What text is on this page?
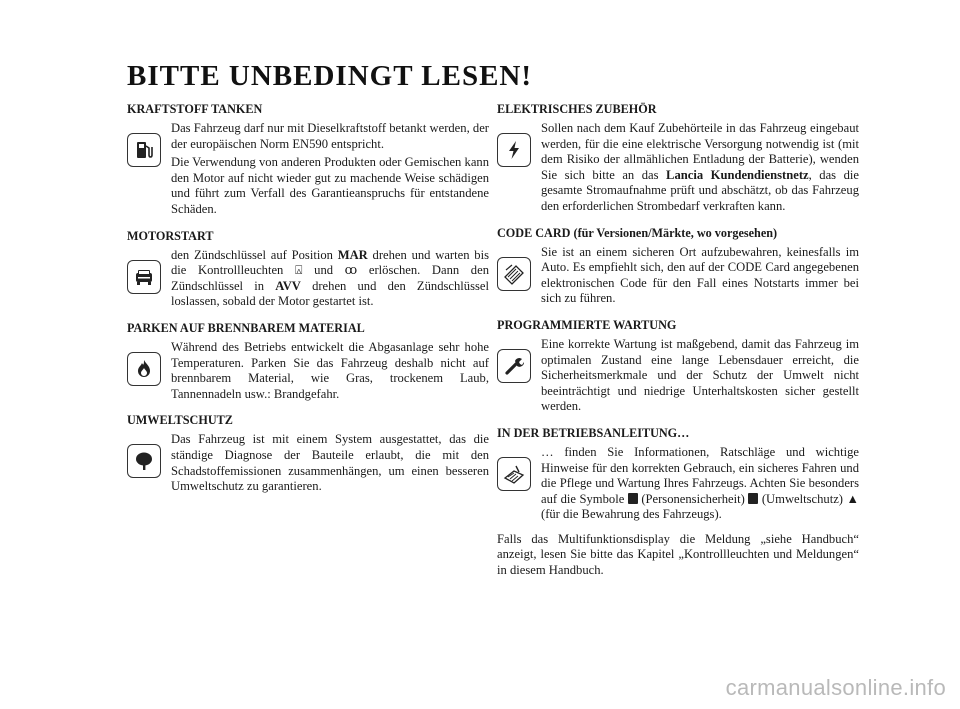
BITTE UNBEDINGT LESEN!
KRAFTSTOFF TANKEN

Das Fahrzeug darf nur mit Dieselkraftstoff betankt werden, der der europäischen Norm EN590 entspricht.

Die Verwendung von anderen Produkten oder Gemischen kann den Motor auf nicht wieder gut zu machende Weise schädigen und führt zum Verfall des Garantieanspruchs für entstandene Schäden.

MOTORSTART

den Zündschlüssel auf Position MAR drehen und warten bis die Kontrollleuchten ⍓ und ꝏ erlöschen. Dann den Zündschlüssel in AVV drehen und den Zündschlüssel loslassen, sobald der Motor gestartet ist.

PARKEN AUF BRENNBAREM MATERIAL

Während des Betriebs entwickelt die Abgasanlage sehr hohe Temperaturen. Parken Sie das Fahrzeug deshalb nicht auf brennbarem Material, wie Gras, trockenem Laub, Tannennadeln usw.: Brandgefahr.

UMWELTSCHUTZ

Das Fahrzeug ist mit einem System ausgestattet, das die ständige Diagnose der Bauteile erlaubt, die mit den Schadstoffemissionen zusammenhängen, um einen besseren Umweltschutz zu garantieren.

ELEKTRISCHES ZUBEHÖR

Sollen nach dem Kauf Zubehörteile in das Fahrzeug eingebaut werden, für die eine elektrische Versorgung notwendig ist (mit dem Risiko der allmählichen Entladung der Batterie), wenden Sie sich bitte an das Lancia Kundendienstnetz, das die gesamte Stromaufnahme prüft und abschätzt, ob das Fahrzeug den erforderlichen Strombedarf verkraften kann.

CODE CARD (für Versionen/Märkte, wo vorgesehen)

Sie ist an einem sicheren Ort aufzubewahren, keinesfalls im Auto. Es empfiehlt sich, den auf der CODE Card angegebenen elektronischen Code für den Fall eines Notstarts immer bei sich zu führen.

PROGRAMMIERTE WARTUNG

Eine korrekte Wartung ist maßgebend, damit das Fahrzeug im optimalen Zustand eine lange Lebensdauer erreicht, die Sicherheitsmerkmale und der Schutz der Umwelt nicht beeinträchtigt und niedrige Unterhaltskosten sicher gestellt werden.

IN DER BETRIEBSANLEITUNG…

… finden Sie Informationen, Ratschläge und wichtige Hinweise für den korrekten Gebrauch, ein sicheres Fahren und die Pflege und Wartung Ihres Fahrzeugs. Achten Sie besonders auf die Symbole  (Personensicherheit)  (Umweltschutz) ▲ (für die Bewahrung des Fahrzeugs).

Falls das Multifunktionsdisplay die Meldung „siehe Handbuch“ anzeigt, lesen Sie bitte das Kapitel „Kontrollleuchten und Meldungen“ in diesem Handbuch.

carmanualsonline.info
